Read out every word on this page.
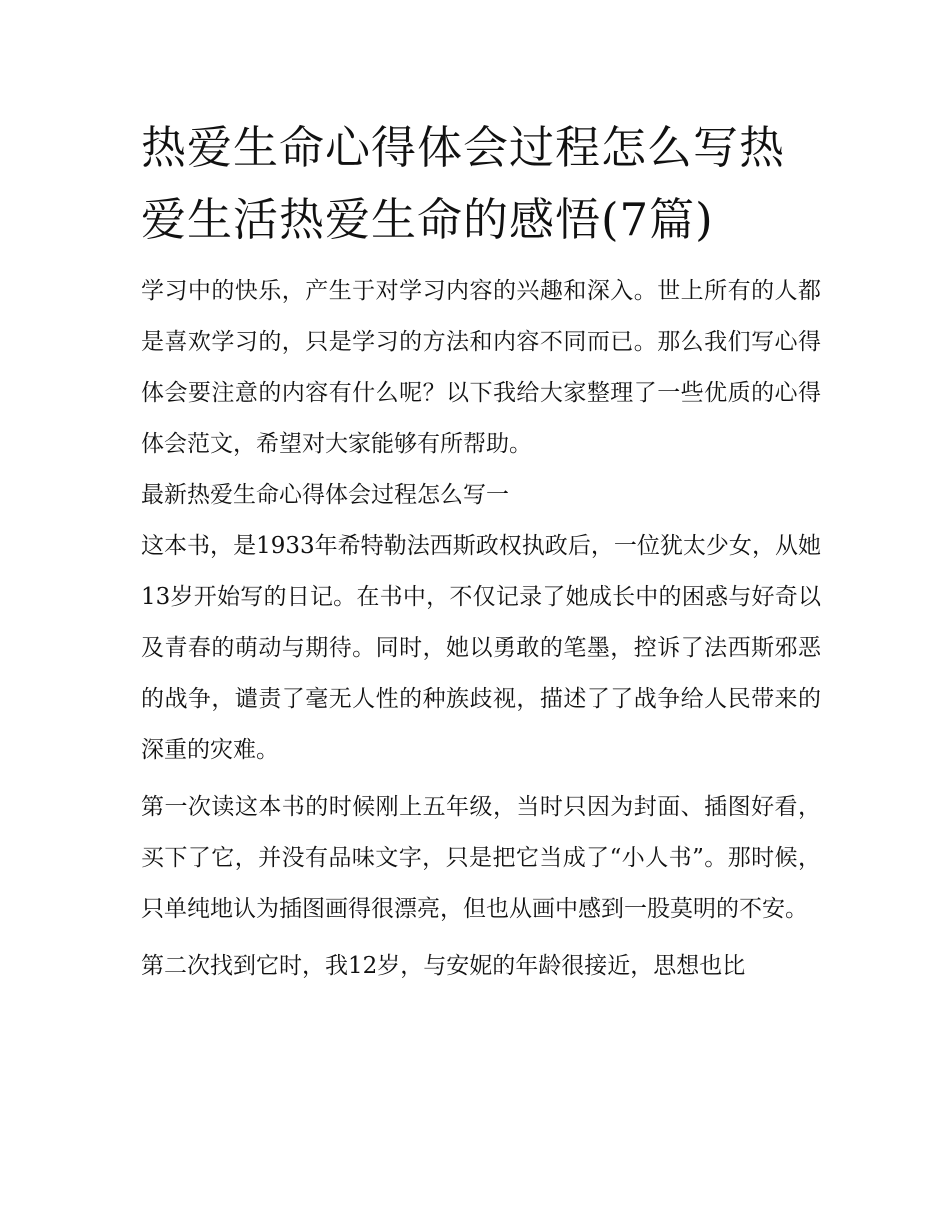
热爱生命心得体会过程怎么写热爱生活热爱生命的感悟(7篇)

学习中的快乐，产生于对学习内容的兴趣和深入。世上所有的人都是喜欢学习的，只是学习的方法和内容不同而已。那么我们写心得体会要注意的内容有什么呢？以下我给大家整理了一些优质的心得体会范文，希望对大家能够有所帮助。

最新热爱生命心得体会过程怎么写一

这本书，是1933年希特勒法西斯政权执政后，一位犹太少女，从她13岁开始写的日记。在书中，不仅记录了她成长中的困惑与好奇以及青春的萌动与期待。同时，她以勇敢的笔墨，控诉了法西斯邪恶的战争，谴责了毫无人性的种族歧视，描述了了战争给人民带来的深重的灾难。

第一次读这本书的时候刚上五年级，当时只因为封面、插图好看，买下了它，并没有品味文字，只是把它当成了“小人书”。那时候，只单纯地认为插图画得很漂亮，但也从画中感到一股莫明的不安。

第二次找到它时，我12岁，与安妮的年龄很接近，思想也比
